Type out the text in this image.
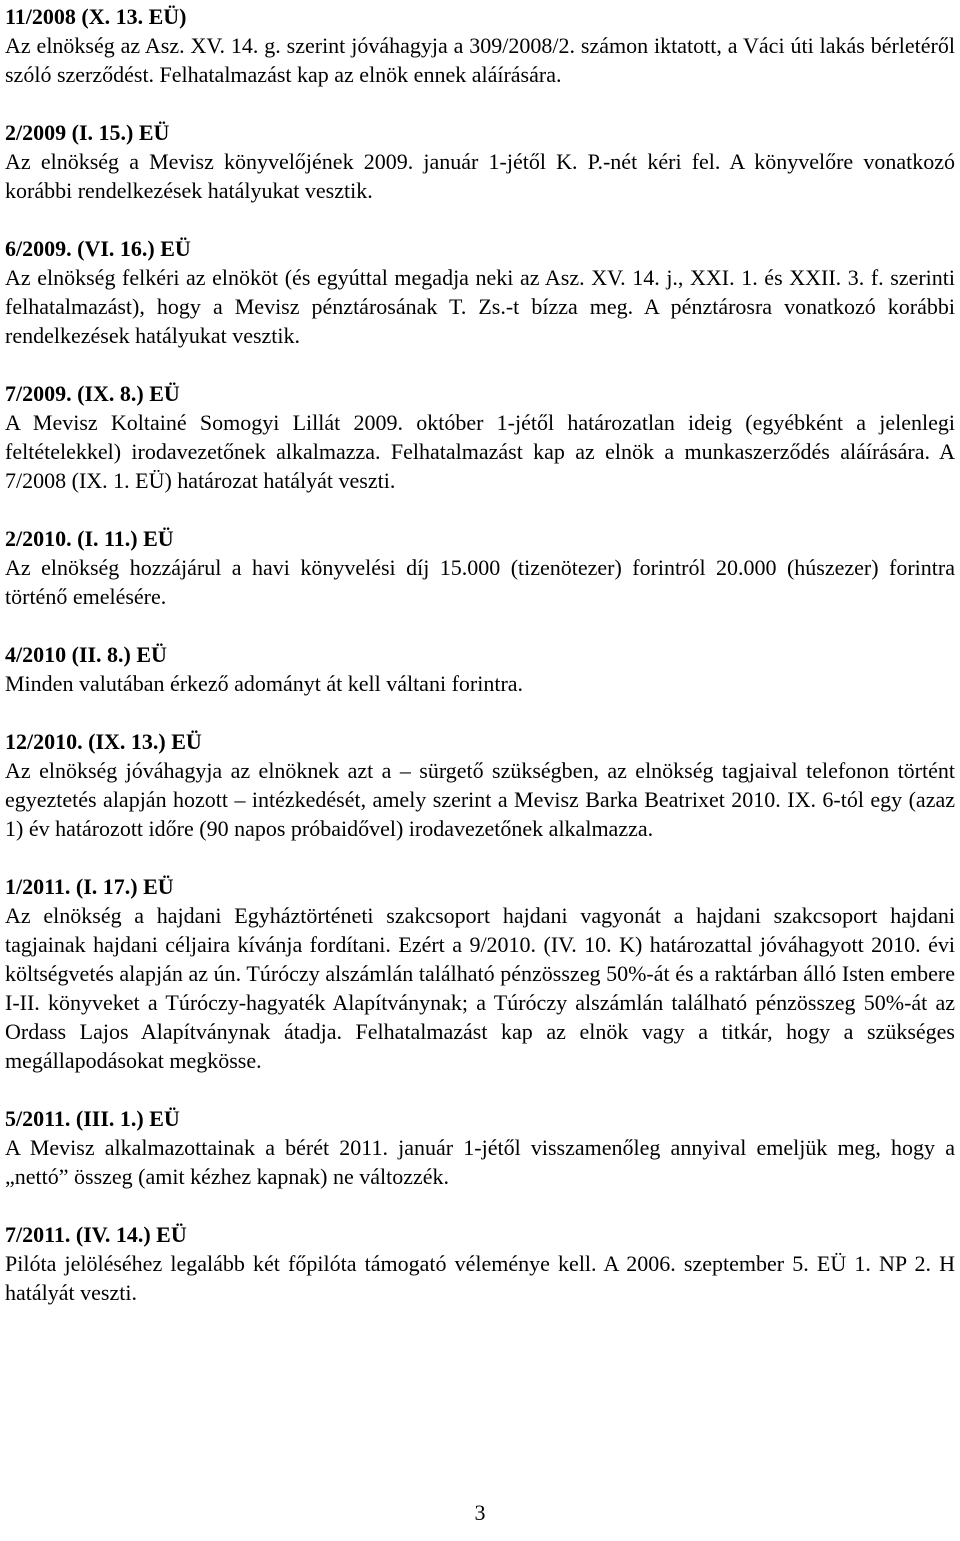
11/2008 (X. 13. EÜ)
Az elnökség az Asz. XV. 14. g. szerint jóváhagyja a 309/2008/2. számon iktatott, a Váci úti lakás bérletéről szóló szerződést. Felhatalmazást kap az elnök ennek aláírására.
2/2009 (I. 15.) EÜ
Az elnökség a Mevisz könyvelőjének 2009. január 1-jétől K. P.-nét kéri fel. A könyvelőre vonatkozó korábbi rendelkezések hatályukat vesztik.
6/2009. (VI. 16.) EÜ
Az elnökség felkéri az elnököt (és egyúttal megadja neki az Asz. XV. 14. j., XXI. 1. és XXII. 3. f. szerinti felhatalmazást), hogy a Mevisz pénztárosának T. Zs.-t bízza meg. A pénztárosra vonatkozó korábbi rendelkezések hatályukat vesztik.
7/2009. (IX. 8.) EÜ
A Mevisz Koltainé Somogyi Lillát 2009. október 1-jétől határozatlan ideig (egyébként a jelenlegi feltételekkel) irodavezetőnek alkalmazza. Felhatalmazást kap az elnök a munkaszerződés aláírására. A 7/2008 (IX. 1. EÜ) határozat hatályát veszti.
2/2010. (I. 11.) EÜ
Az elnökség hozzájárul a havi könyvelési díj 15.000 (tizenötezer) forintról 20.000 (húszezer) forintra történő emelésére.
4/2010 (II. 8.) EÜ
Minden valutában érkező adományt át kell váltani forintra.
12/2010. (IX. 13.) EÜ
Az elnökség jóváhagyja az elnöknek azt a – sürgető szükségben, az elnökség tagjaival telefonon történt egyeztetés alapján hozott – intézkedését, amely szerint a Mevisz Barka Beatrixet 2010. IX. 6-tól egy (azaz 1) év határozott időre (90 napos próbaidővel) irodavezetőnek alkalmazza.
1/2011. (I. 17.) EÜ
Az elnökség a hajdani Egyháztörténeti szakcsoport hajdani vagyonát a hajdani szakcsoport hajdani tagjainak hajdani céljaira kívánja fordítani. Ezért a 9/2010. (IV. 10. K) határozattal jóváhagyott 2010. évi költségvetés alapján az ún. Túróczy alszámlán található pénzösszeg 50%-át és a raktárban álló Isten embere I-II. könyveket a Túróczy-hagyaték Alapítványnak; a Túróczy alszámlán található pénzösszeg 50%-át az Ordass Lajos Alapítványnak átadja. Felhatalmazást kap az elnök vagy a titkár, hogy a szükséges megállapodásokat megkösse.
5/2011. (III. 1.) EÜ
A Mevisz alkalmazottainak a bérét 2011. január 1-jétől visszamenőleg annyival emeljük meg, hogy a „nettó” összeg (amit kézhez kapnak) ne változzék.
7/2011. (IV. 14.) EÜ
Pilóta jelöléséhez legalább két főpilóta támogató véleménye kell. A 2006. szeptember 5. EÜ 1. NP 2. H hatályát veszti.
3
